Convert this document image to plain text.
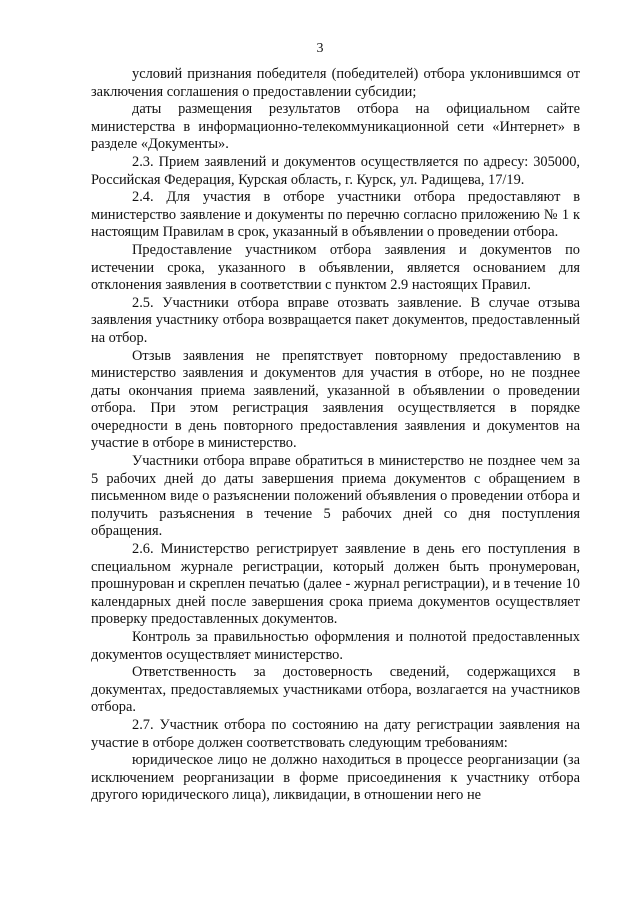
3

условий признания победителя (победителей) отбора уклонившимся от заключения соглашения о предоставлении субсидии;

даты размещения результатов отбора на официальном сайте министерства в информационно-телекоммуникационной сети «Интернет» в разделе «Документы».

2.3. Прием заявлений и документов осуществляется по адресу: 305000, Российская Федерация, Курская область, г. Курск, ул. Радищева, 17/19.

2.4. Для участия в отборе участники отбора предоставляют в министерство заявление и документы по перечню согласно приложению № 1 к настоящим Правилам в срок, указанный в объявлении о проведении отбора.

Предоставление участником отбора заявления и документов по истечении срока, указанного в объявлении, является основанием для отклонения заявления в соответствии с пунктом 2.9 настоящих Правил.

2.5. Участники отбора вправе отозвать заявление. В случае отзыва заявления участнику отбора возвращается пакет документов, предоставленный на отбор.

Отзыв заявления не препятствует повторному предоставлению в министерство заявления и документов для участия в отборе, но не позднее даты окончания приема заявлений, указанной в объявлении о проведении отбора. При этом регистрация заявления осуществляется в порядке очередности в день повторного предоставления заявления и документов на участие в отборе в министерство.

Участники отбора вправе обратиться в министерство не позднее чем за 5 рабочих дней до даты завершения приема документов с обращением в письменном виде о разъяснении положений объявления о проведении отбора и получить разъяснения в течение 5 рабочих дней со дня поступления обращения.

2.6. Министерство регистрирует заявление в день его поступления в специальном журнале регистрации, который должен быть пронумерован, прошнурован и скреплен печатью (далее - журнал регистрации), и в течение 10 календарных дней после завершения срока приема документов осуществляет проверку предоставленных документов.

Контроль за правильностью оформления и полнотой предоставленных документов осуществляет министерство.

Ответственность за достоверность сведений, содержащихся в документах, предоставляемых участниками отбора, возлагается на участников отбора.

2.7. Участник отбора по состоянию на дату регистрации заявления на участие в отборе должен соответствовать следующим требованиям:

юридическое лицо не должно находиться в процессе реорганизации (за исключением реорганизации в форме присоединения к участнику отбора другого юридического лица), ликвидации, в отношении него не
